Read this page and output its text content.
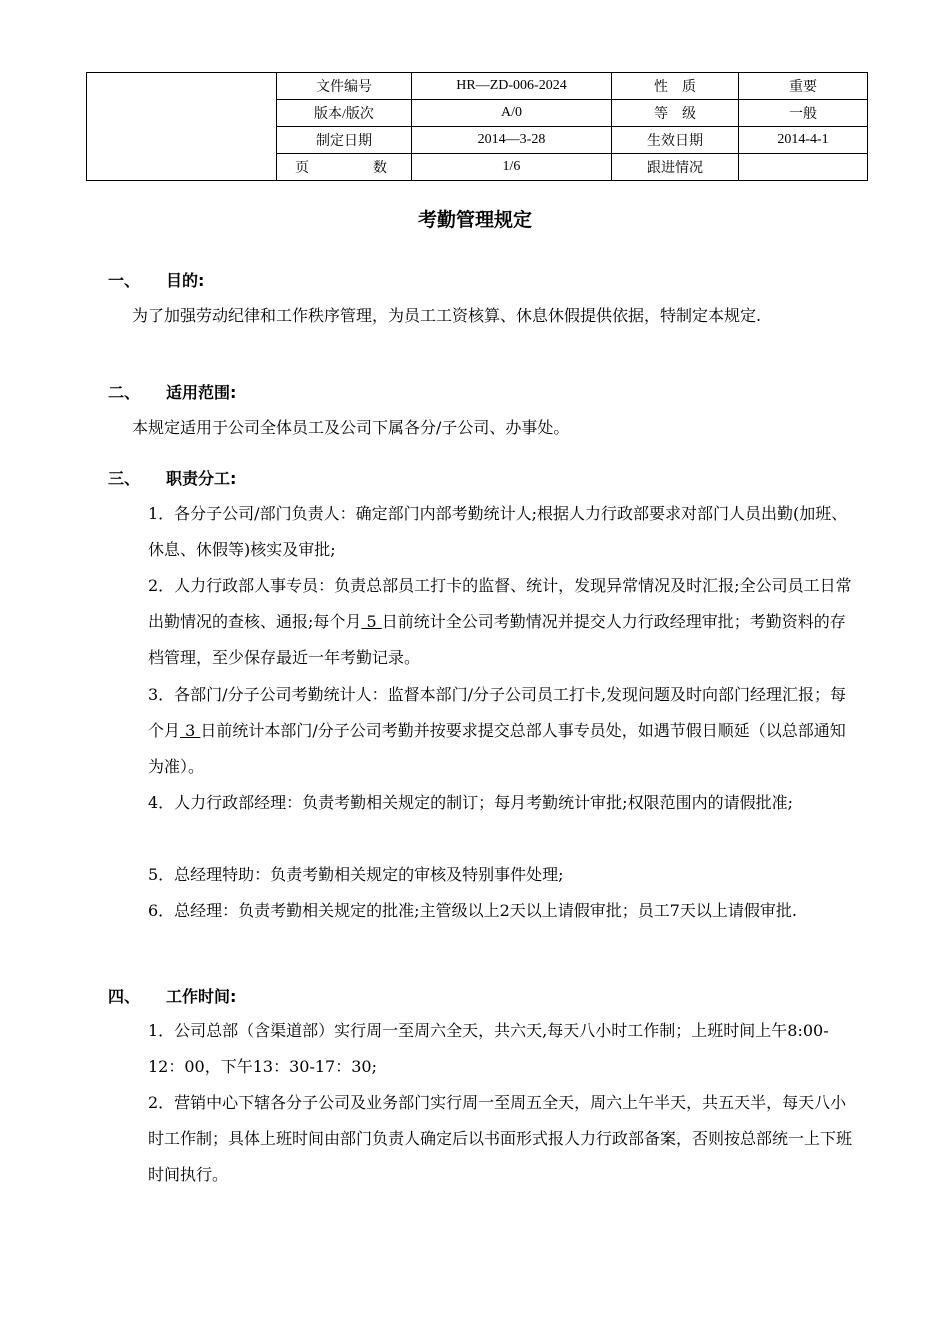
	文件编号	HR—ZD-006-2024	性　质	重要
	版本/版次	A/0	等　级	一般
	制定日期	2014—3-28	生效日期	2014-4-1
	页　数	1/6	跟进情况	
考勤管理规定
一、 目的:
为了加强劳动纪律和工作秩序管理，为员工工资核算、休息休假提供依据，特制定本规定.
二、 适用范围:
本规定适用于公司全体员工及公司下属各分/子公司、办事处。
三、 职责分工:
1．各分子公司/部门负责人：确定部门内部考勤统计人;根据人力行政部要求对部门人员出勤(加班、休息、休假等)核实及审批;
2．人力行政部人事专员：负责总部员工打卡的监督、统计，发现异常情况及时汇报;全公司员工日常出勤情况的查核、通报;每个月 5 日前统计全公司考勤情况并提交人力行政经理审批；考勤资料的存档管理，至少保存最近一年考勤记录。
3．各部门/分子公司考勤统计人：监督本部门/分子公司员工打卡,发现问题及时向部门经理汇报；每个月 3 日前统计本部门/分子公司考勤并按要求提交总部人事专员处，如遇节假日顺延（以总部通知为准）。
4．人力行政部经理：负责考勤相关规定的制订；每月考勤统计审批;权限范围内的请假批准;
5．总经理特助：负责考勤相关规定的审核及特别事件处理;
6．总经理：负责考勤相关规定的批准;主管级以上2天以上请假审批；员工7天以上请假审批.
四、 工作时间:
1．公司总部（含渠道部）实行周一至周六全天，共六天,每天八小时工作制；上班时间上午8:00-12：00，下午13：30-17：30;
2．营销中心下辖各分子公司及业务部门实行周一至周五全天，周六上午半天，共五天半，每天八小时工作制；具体上班时间由部门负责人确定后以书面形式报人力行政部备案，否则按总部统一上下班时间执行。
